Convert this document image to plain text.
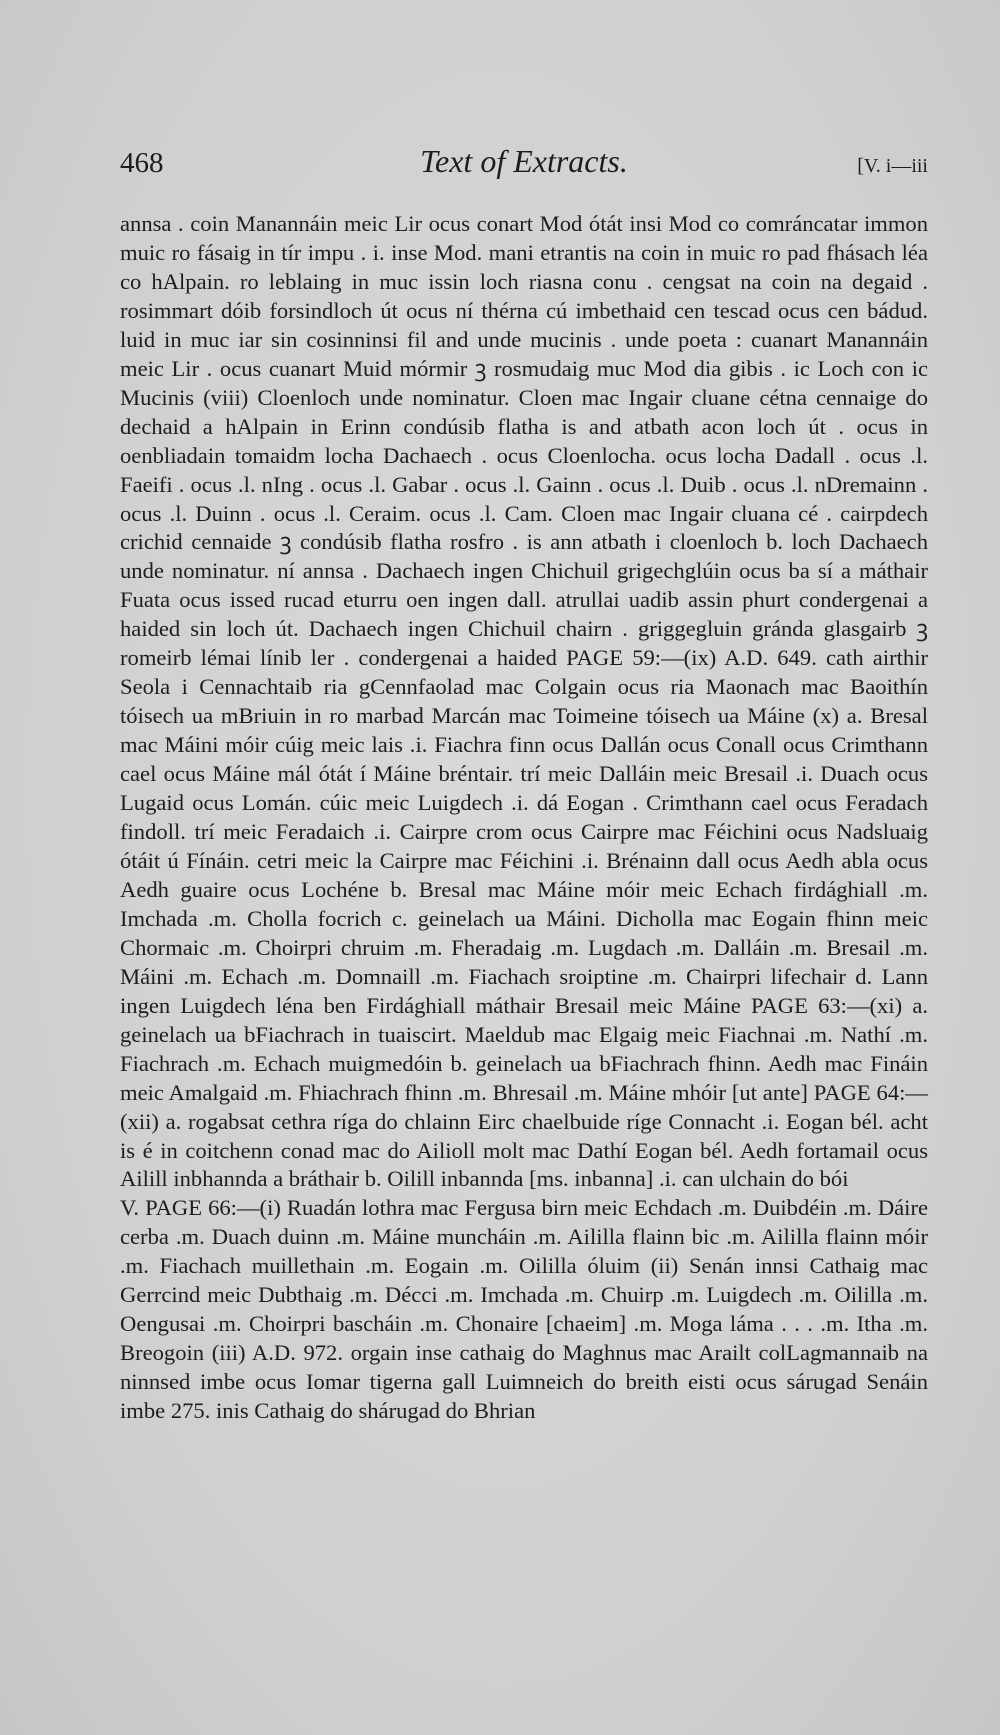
468	Text of Extracts.	[V. i—iii

annsa . coin Manannáin meic Lir ocus conart Mod ótát insi Mod co comráncatar immon muic ro fásaig in tír impu . i. inse Mod. mani etrantis na coin in muic ro pad fhásach léa co hAlpain. ro leblaing in muc issin loch riasna conu . cengsat na coin na degaid . rosimmart dóib forsindloch út ocus ní thérna cú imbethaid cen tescad ocus cen bádud. luid in muc iar sin cosinninsi fil and unde mucinis . unde poeta : cuanart Manannáin meic Lir . ocus cuanart Muid mórmir ꝫ rosmudaig muc Mod dia gibis . ic Loch con ic Mucinis (viii) Cloenloch unde nominatur. Cloen mac Ingair cluane cétna cennaige do dechaid a hAlpain in Erinn condúsib flatha is and atbath acon loch út . ocus in oenbliadain tomaidm locha Dachaech . ocus Cloenlocha. ocus locha Dadall . ocus .l. Faeifi . ocus .l. nIng . ocus .l. Gabar . ocus .l. Gainn . ocus .l. Duib . ocus .l. nDremainn . ocus .l. Duinn . ocus .l. Ceraim. ocus .l. Cam. Cloen mac Ingair cluana cé . cairpdech crichid cennaide ꝫ condúsib flatha rosfro . is ann atbath i cloenloch b. loch Dachaech unde nominatur. ní annsa . Dachaech ingen Chichuil grigechglúin ocus ba sí a máthair Fuata ocus issed rucad eturru oen ingen dall. atrullai uadib assin phurt condergenai a haided sin loch út. Dachaech ingen Chichuil chairn . griggegluin gránda glasgairb ꝫ romeirb lémai línib ler . condergenai a haided PAGE 59:—(ix) A.D. 649. cath airthir Seola i Cennachtaib ria gCennfaolad mac Colgain ocus ria Maonach mac Baoithín tóisech ua mBriuin in ro marbad Marcán mac Toimeine tóisech ua Máine (x) a. Bresal mac Máini móir cúig meic lais .i. Fiachra finn ocus Dallán ocus Conall ocus Crimthann cael ocus Máine mál ótát í Máine bréntair. trí meic Dalláin meic Bresail .i. Duach ocus Lugaid ocus Lomán. cúic meic Luigdech .i. dá Eogan . Crimthann cael ocus Feradach findoll. trí meic Feradaich .i. Cairpre crom ocus Cairpre mac Féichini ocus Nadsluaig ótáit ú Fínáin. cetri meic la Cairpre mac Féichini .i. Brénainn dall ocus Aedh abla ocus Aedh guaire ocus Lochéne b. Bresal mac Máine móir meic Echach firdághiall .m. Imchada .m. Cholla focrich c. geinelach ua Máini. Dicholla mac Eogain fhinn meic Chormaic .m. Choirpri chruim .m. Fheradaig .m. Lugdach .m. Dalláin .m. Bresail .m. Máini .m. Echach .m. Domnaill .m. Fiachach sroiptine .m. Chairpri lifechair d. Lann ingen Luigdech léna ben Firdághiall máthair Bresail meic Máine PAGE 63:—(xi) a. geinelach ua bFiachrach in tuaiscirt. Maeldub mac Elgaig meic Fiachnai .m. Nathí .m. Fiachrach .m. Echach muigmedóin b. geinelach ua bFiachrach fhinn. Aedh mac Fináin meic Amalgaid .m. Fhiachrach fhinn .m. Bhresail .m. Máine mhóir [ut ante] PAGE 64:—(xii) a. rogabsat cethra ríga do chlainn Eirc chaelbuide ríge Connacht .i. Eogan bél. acht is é in coitchenn conad mac do Ailioll molt mac Dathí Eogan bél. Aedh fortamail ocus Ailill inbhannda a bráthair b. Oilill inbannda [ms. inbanna] .i. can ulchain do bói

V. PAGE 66:—(i) Ruadán lothra mac Fergusa birn meic Echdach .m. Duibdéin .m. Dáire cerba .m. Duach duinn .m. Máine muncháin .m. Aililla flainn bic .m. Aililla flainn móir .m. Fiachach muillethain .m. Eogain .m. Oililla óluim (ii) Senán innsi Cathaig mac Gerrcind meic Dubthaig .m. Décci .m. Imchada .m. Chuirp .m. Luigdech .m. Oililla .m. Oengusai .m. Choirpri bascháin .m. Chonaire [chaeim] .m. Moga láma . . . .m. Itha .m. Breogoin (iii) A.D. 972. orgain inse cathaig do Maghnus mac Arailt colLagmannaib na ninnsed imbe ocus Iomar tigerna gall Luimneich do breith eisti ocus sárugad Senáin imbe 275. inis Cathaig do shárugad do Bhrian
